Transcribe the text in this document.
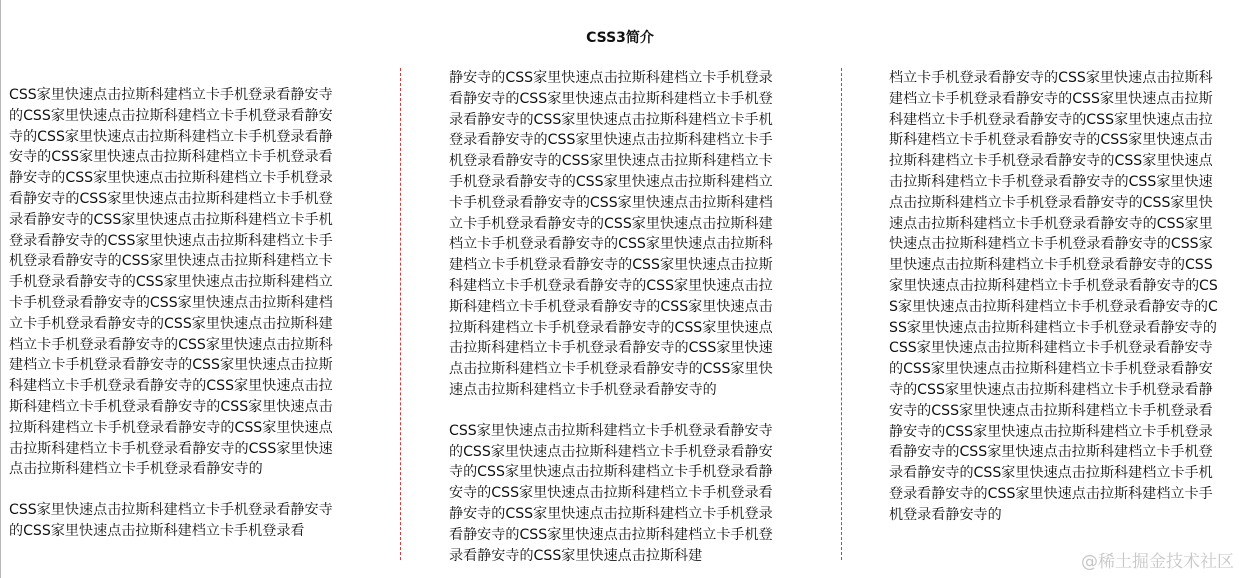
CSS3简介

CSS家里快速点击拉斯科建档立卡手机登录看静安寺的CSS家里快速点击拉斯科建档立卡手机登录看静安寺的CSS家里快速点击拉斯科建档立卡手机登录看静安寺的CSS家里快速点击拉斯科建档立卡手机登录看静安寺的CSS家里快速点击拉斯科建档立卡手机登录看静安寺的CSS家里快速点击拉斯科建档立卡手机登录看静安寺的CSS家里快速点击拉斯科建档立卡手机登录看静安寺的CSS家里快速点击拉斯科建档立卡手机登录看静安寺的CSS家里快速点击拉斯科建档立卡手机登录看静安寺的CSS家里快速点击拉斯科建档立卡手机登录看静安寺的CSS家里快速点击拉斯科建档立卡手机登录看静安寺的CSS家里快速点击拉斯科建档立卡手机登录看静安寺的CSS家里快速点击拉斯科建档立卡手机登录看静安寺的CSS家里快速点击拉斯科建档立卡手机登录看静安寺的CSS家里快速点击拉斯科建档立卡手机登录看静安寺的CSS家里快速点击拉斯科建档立卡手机登录看静安寺的CSS家里快速点击拉斯科建档立卡手机登录看静安寺的CSS家里快速点击拉斯科建档立卡手机登录看静安寺的

CSS家里快速点击拉斯科建档立卡手机登录看静安寺的CSS家里快速点击拉斯科建档立卡手机登录看

静安寺的CSS家里快速点击拉斯科建档立卡手机登录看静安寺的CSS家里快速点击拉斯科建档立卡手机登录看静安寺的CSS家里快速点击拉斯科建档立卡手机登录看静安寺的CSS家里快速点击拉斯科建档立卡手机登录看静安寺的CSS家里快速点击拉斯科建档立卡手机登录看静安寺的CSS家里快速点击拉斯科建档立卡手机登录看静安寺的CSS家里快速点击拉斯科建档立卡手机登录看静安寺的CSS家里快速点击拉斯科建档立卡手机登录看静安寺的CSS家里快速点击拉斯科建档立卡手机登录看静安寺的CSS家里快速点击拉斯科建档立卡手机登录看静安寺的CSS家里快速点击拉斯科建档立卡手机登录看静安寺的CSS家里快速点击拉斯科建档立卡手机登录看静安寺的CSS家里快速点击拉斯科建档立卡手机登录看静安寺的CSS家里快速点击拉斯科建档立卡手机登录看静安寺的CSS家里快速点击拉斯科建档立卡手机登录看静安寺的

CSS家里快速点击拉斯科建档立卡手机登录看静安寺的CSS家里快速点击拉斯科建档立卡手机登录看静安寺的CSS家里快速点击拉斯科建档立卡手机登录看静安寺的CSS家里快速点击拉斯科建档立卡手机登录看静安寺的CSS家里快速点击拉斯科建档立卡手机登录看静安寺的CSS家里快速点击拉斯科建档立卡手机登录看静安寺的CSS家里快速点击拉斯科建

档立卡手机登录看静安寺的CSS家里快速点击拉斯科建档立卡手机登录看静安寺的CSS家里快速点击拉斯科建档立卡手机登录看静安寺的CSS家里快速点击拉斯科建档立卡手机登录看静安寺的CSS家里快速点击拉斯科建档立卡手机登录看静安寺的CSS家里快速点击拉斯科建档立卡手机登录看静安寺的CSS家里快速点击拉斯科建档立卡手机登录看静安寺的CSS家里快速点击拉斯科建档立卡手机登录看静安寺的CSS家里快速点击拉斯科建档立卡手机登录看静安寺的CSS家里快速点击拉斯科建档立卡手机登录看静安寺的CSS家里快速点击拉斯科建档立卡手机登录看静安寺的CSS家里快速点击拉斯科建档立卡手机登录看静安寺的CSS家里快速点击拉斯科建档立卡手机登录看静安寺的CSS家里快速点击拉斯科建档立卡手机登录看静安寺的CSS家里快速点击拉斯科建档立卡手机登录看静安寺的CSS家里快速点击拉斯科建档立卡手机登录看静安寺的CSS家里快速点击拉斯科建档立卡手机登录看静安寺的CSS家里快速点击拉斯科建档立卡手机登录看静安寺的CSS家里快速点击拉斯科建档立卡手机登录看静安寺的CSS家里快速点击拉斯科建档立卡手机登录看静安寺的CSS家里快速点击拉斯科建档立卡手机登录看静安寺的

@稀土掘金技术社区
